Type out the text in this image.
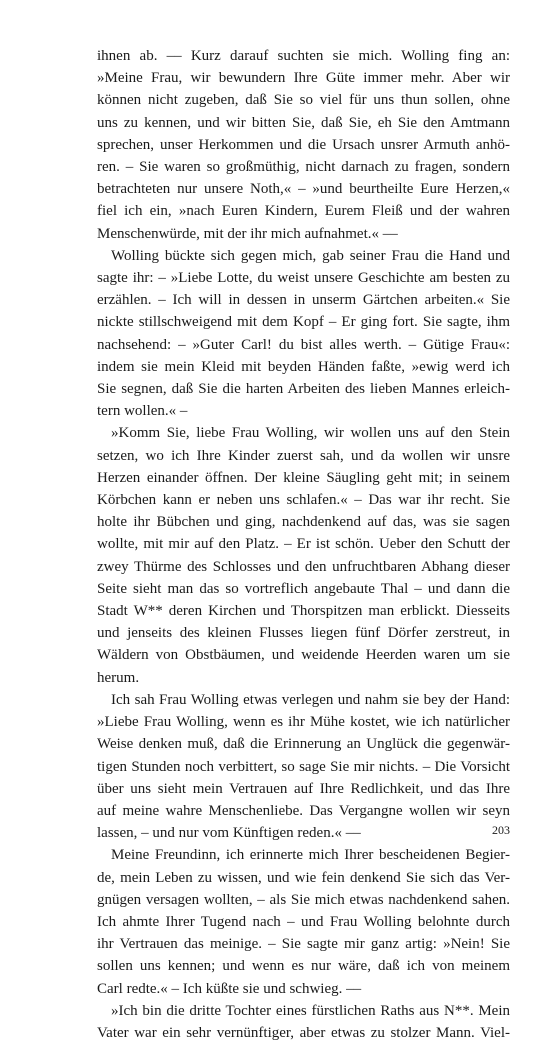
ihnen ab. –– Kurz darauf suchten sie mich. Wolling fing an:
»Meine Frau, wir bewundern Ihre Güte immer mehr. Aber wir
können nicht zugeben, daß Sie so viel für uns thun sollen, ohne
uns zu kennen, und wir bitten Sie, daß Sie, eh Sie den Amtmann
sprechen, unser Herkommen und die Ursach unsrer Armuth anhö-
ren. – Sie waren so großmüthig, nicht darnach zu fragen, sondern
betrachteten nur unsere Noth,« – »und beurtheilte Eure Herzen,«
fiel ich ein, »nach Euren Kindern, Eurem Fleiß und der wahren
Menschenwürde, mit der ihr mich aufnahmet.« ––
Wolling bückte sich gegen mich, gab seiner Frau die Hand und
sagte ihr: – »Liebe Lotte, du weist unsere Geschichte am besten zu
erzählen. – Ich will in dessen in unserm Gärtchen arbeiten.« Sie
nickte stillschweigend mit dem Kopf – Er ging fort. Sie sagte, ihm
nachsehend: – »Guter Carl! du bist alles werth. – Gütige Frau«:
indem sie mein Kleid mit beyden Händen faßte, »ewig werd ich
Sie segnen, daß Sie die harten Arbeiten des lieben Mannes erleich-
tern wollen.« –
»Komm Sie, liebe Frau Wolling, wir wollen uns auf den Stein
setzen, wo ich Ihre Kinder zuerst sah, und da wollen wir unsre
Herzen einander öffnen. Der kleine Säugling geht mit; in seinem
Körbchen kann er neben uns schlafen.« – Das war ihr recht. Sie
holte ihr Bübchen und ging, nachdenkend auf das, was sie sagen
wollte, mit mir auf den Platz. – Er ist schön. Ueber den Schutt der
zwey Thürme des Schlosses und den unfruchtbaren Abhang dieser
Seite sieht man das so vortreflich angebaute Thal – und dann die
Stadt W** deren Kirchen und Thorspitzen man erblickt. Diesseits
und jenseits des kleinen Flusses liegen fünf Dörfer zerstreut, in
Wäldern von Obstbäumen, und weidende Heerden waren um sie
herum.
Ich sah Frau Wolling etwas verlegen und nahm sie bey der Hand:
»Liebe Frau Wolling, wenn es ihr Mühe kostet, wie ich natürlicher
Weise denken muß, daß die Erinnerung an Unglück die gegenwär-
tigen Stunden noch verbittert, so sage Sie mir nichts. – Die Vorsicht
über uns sieht mein Vertrauen auf Ihre Redlichkeit, und das Ihre
auf meine wahre Menschenliebe. Das Vergangne wollen wir seyn
lassen, – und nur vom Künftigen reden.« ––
Meine Freundinn, ich erinnerte mich Ihrer bescheidenen Begier-
de, mein Leben zu wissen, und wie fein denkend Sie sich das Ver-
gnügen versagen wollten, – als Sie mich etwas nachdenkend sahen.
Ich ahmte Ihrer Tugend nach – und Frau Wolling belohnte durch
ihr Vertrauen das meinige. – Sie sagte mir ganz artig: »Nein! Sie
sollen uns kennen; und wenn es nur wäre, daß ich von meinem
Carl redte.« – Ich küßte sie und schwieg. ––
»Ich bin die dritte Tochter eines fürstlichen Raths aus N**. Mein
Vater war ein sehr vernünftiger, aber etwas zu stolzer Mann. Viel-
203
